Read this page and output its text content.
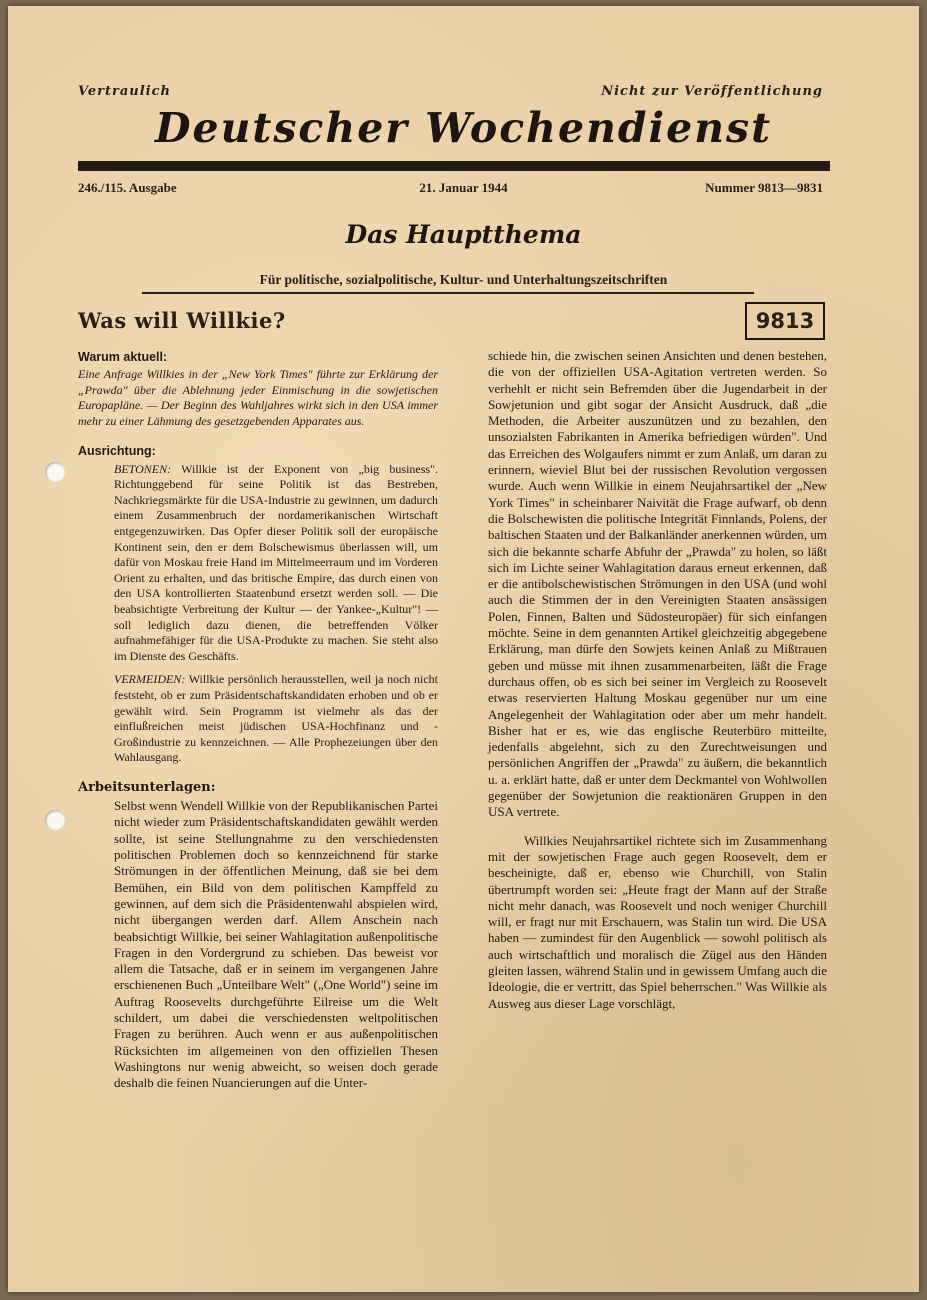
Vertraulich	Nicht zur Veröffentlichung
Deutscher Wochendienst
246./115. Ausgabe	21. Januar 1944	Nummer 9813—9831
Das Hauptthema
Für politische, sozialpolitische, Kultur- und Unterhaltungszeitschriften
Was will Willkie?	9813

Warum aktuell:

Eine Anfrage Willkies in der „New York Times" führte zur Erklärung der „Prawda" über die Ablehnung jeder Einmischung in die sowjetischen Europapläne. — Der Beginn des Wahljahres wirkt sich in den USA immer mehr zu einer Lähmung des gesetzgebenden Apparates aus.

Ausrichtung:

BETONEN: Willkie ist der Exponent von „big business". Richtunggebend für seine Politik ist das Bestreben, Nachkriegsmärkte für die USA-Industrie zu gewinnen, um dadurch einem Zusammenbruch der nordamerikanischen Wirtschaft entgegenzuwirken. Das Opfer dieser Politik soll der europäische Kontinent sein, den er dem Bolschewismus überlassen will, um dafür von Moskau freie Hand im Mittelmeerraum und im Vorderen Orient zu erhalten, und das britische Empire, das durch einen von den USA kontrollierten Staatenbund ersetzt werden soll. — Die beabsichtigte Verbreitung der Kultur — der Yankee-„Kultur"! — soll lediglich dazu dienen, die betreffenden Völker aufnahmefähiger für die USA-Produkte zu machen. Sie steht also im Dienste des Geschäfts.

VERMEIDEN: Willkie persönlich herausstellen, weil ja noch nicht feststeht, ob er zum Präsidentschaftskandidaten erhoben und ob er gewählt wird. Sein Programm ist vielmehr als das der einflußreichen meist jüdischen USA-Hochfinanz und -Großindustrie zu kennzeichnen. — Alle Prophezeiungen über den Wahlausgang.

Arbeitsunterlagen:

Selbst wenn Wendell Willkie von der Republikanischen Partei nicht wieder zum Präsidentschaftskandidaten gewählt werden sollte, ist seine Stellungnahme zu den verschiedensten politischen Problemen doch so kennzeichnend für starke Strömungen in der öffentlichen Meinung, daß sie bei dem Bemühen, ein Bild von dem politischen Kampffeld zu gewinnen, auf dem sich die Präsidentenwahl abspielen wird, nicht übergangen werden darf. Allem Anschein nach beabsichtigt Willkie, bei seiner Wahlagitation außenpolitische Fragen in den Vordergrund zu schieben. Das beweist vor allem die Tatsache, daß er in seinem im vergangenen Jahre erschienenen Buch „Unteilbare Welt" („One World") seine im Auftrag Roosevelts durchgeführte Eilreise um die Welt schildert, um dabei die verschiedensten weltpolitischen Fragen zu berühren. Auch wenn er aus außenpolitischen Rücksichten im allgemeinen von den offiziellen Thesen Washingtons nur wenig abweicht, so weisen doch gerade deshalb die feinen Nuancierungen auf die Unter-

schiede hin, die zwischen seinen Ansichten und denen bestehen, die von der offiziellen USA-Agitation vertreten werden. So verhehlt er nicht sein Befremden über die Jugendarbeit in der Sowjetunion und gibt sogar der Ansicht Ausdruck, daß „die Methoden, die Arbeiter auszunützen und zu bezahlen, den unsozialsten Fabrikanten in Amerika befriedigen würden". Und das Erreichen des Wolgaufers nimmt er zum Anlaß, um daran zu erinnern, wieviel Blut bei der russischen Revolution vergossen wurde. Auch wenn Willkie in einem Neujahrsartikel der „New York Times" in scheinbarer Naivität die Frage aufwarf, ob denn die Bolschewisten die politische Integrität Finnlands, Polens, der baltischen Staaten und der Balkanländer anerkennen würden, um sich die bekannte scharfe Abfuhr der „Prawda" zu holen, so läßt sich im Lichte seiner Wahlagitation daraus erneut erkennen, daß er die antibolschewistischen Strömungen in den USA (und wohl auch die Stimmen der in den Vereinigten Staaten ansässigen Polen, Finnen, Balten und Südosteuropäer) für sich einfangen möchte. Seine in dem genannten Artikel gleichzeitig abgegebene Erklärung, man dürfe den Sowjets keinen Anlaß zu Mißtrauen geben und müsse mit ihnen zusammenarbeiten, läßt die Frage durchaus offen, ob es sich bei seiner im Vergleich zu Roosevelt etwas reservierten Haltung Moskau gegenüber nur um eine Angelegenheit der Wahlagitation oder aber um mehr handelt. Bisher hat er es, wie das englische Reuterbüro mitteilte, jedenfalls abgelehnt, sich zu den Zurechtweisungen und persönlichen Angriffen der „Prawda" zu äußern, die bekanntlich u. a. erklärt hatte, daß er unter dem Deckmantel von Wohlwollen gegenüber der Sowjetunion die reaktionären Gruppen in den USA vertrete.

Willkies Neujahrsartikel richtete sich im Zusammenhang mit der sowjetischen Frage auch gegen Roosevelt, dem er bescheinigte, daß er, ebenso wie Churchill, von Stalin übertrumpft worden sei: „Heute fragt der Mann auf der Straße nicht mehr danach, was Roosevelt und noch weniger Churchill will, er fragt nur mit Erschauern, was Stalin tun wird. Die USA haben — zumindest für den Augenblick — sowohl politisch als auch wirtschaftlich und moralisch die Zügel aus den Händen gleiten lassen, während Stalin und in gewissem Umfang auch die Ideologie, die er vertritt, das Spiel beherrschen." Was Willkie als Ausweg aus dieser Lage vorschlägt,
